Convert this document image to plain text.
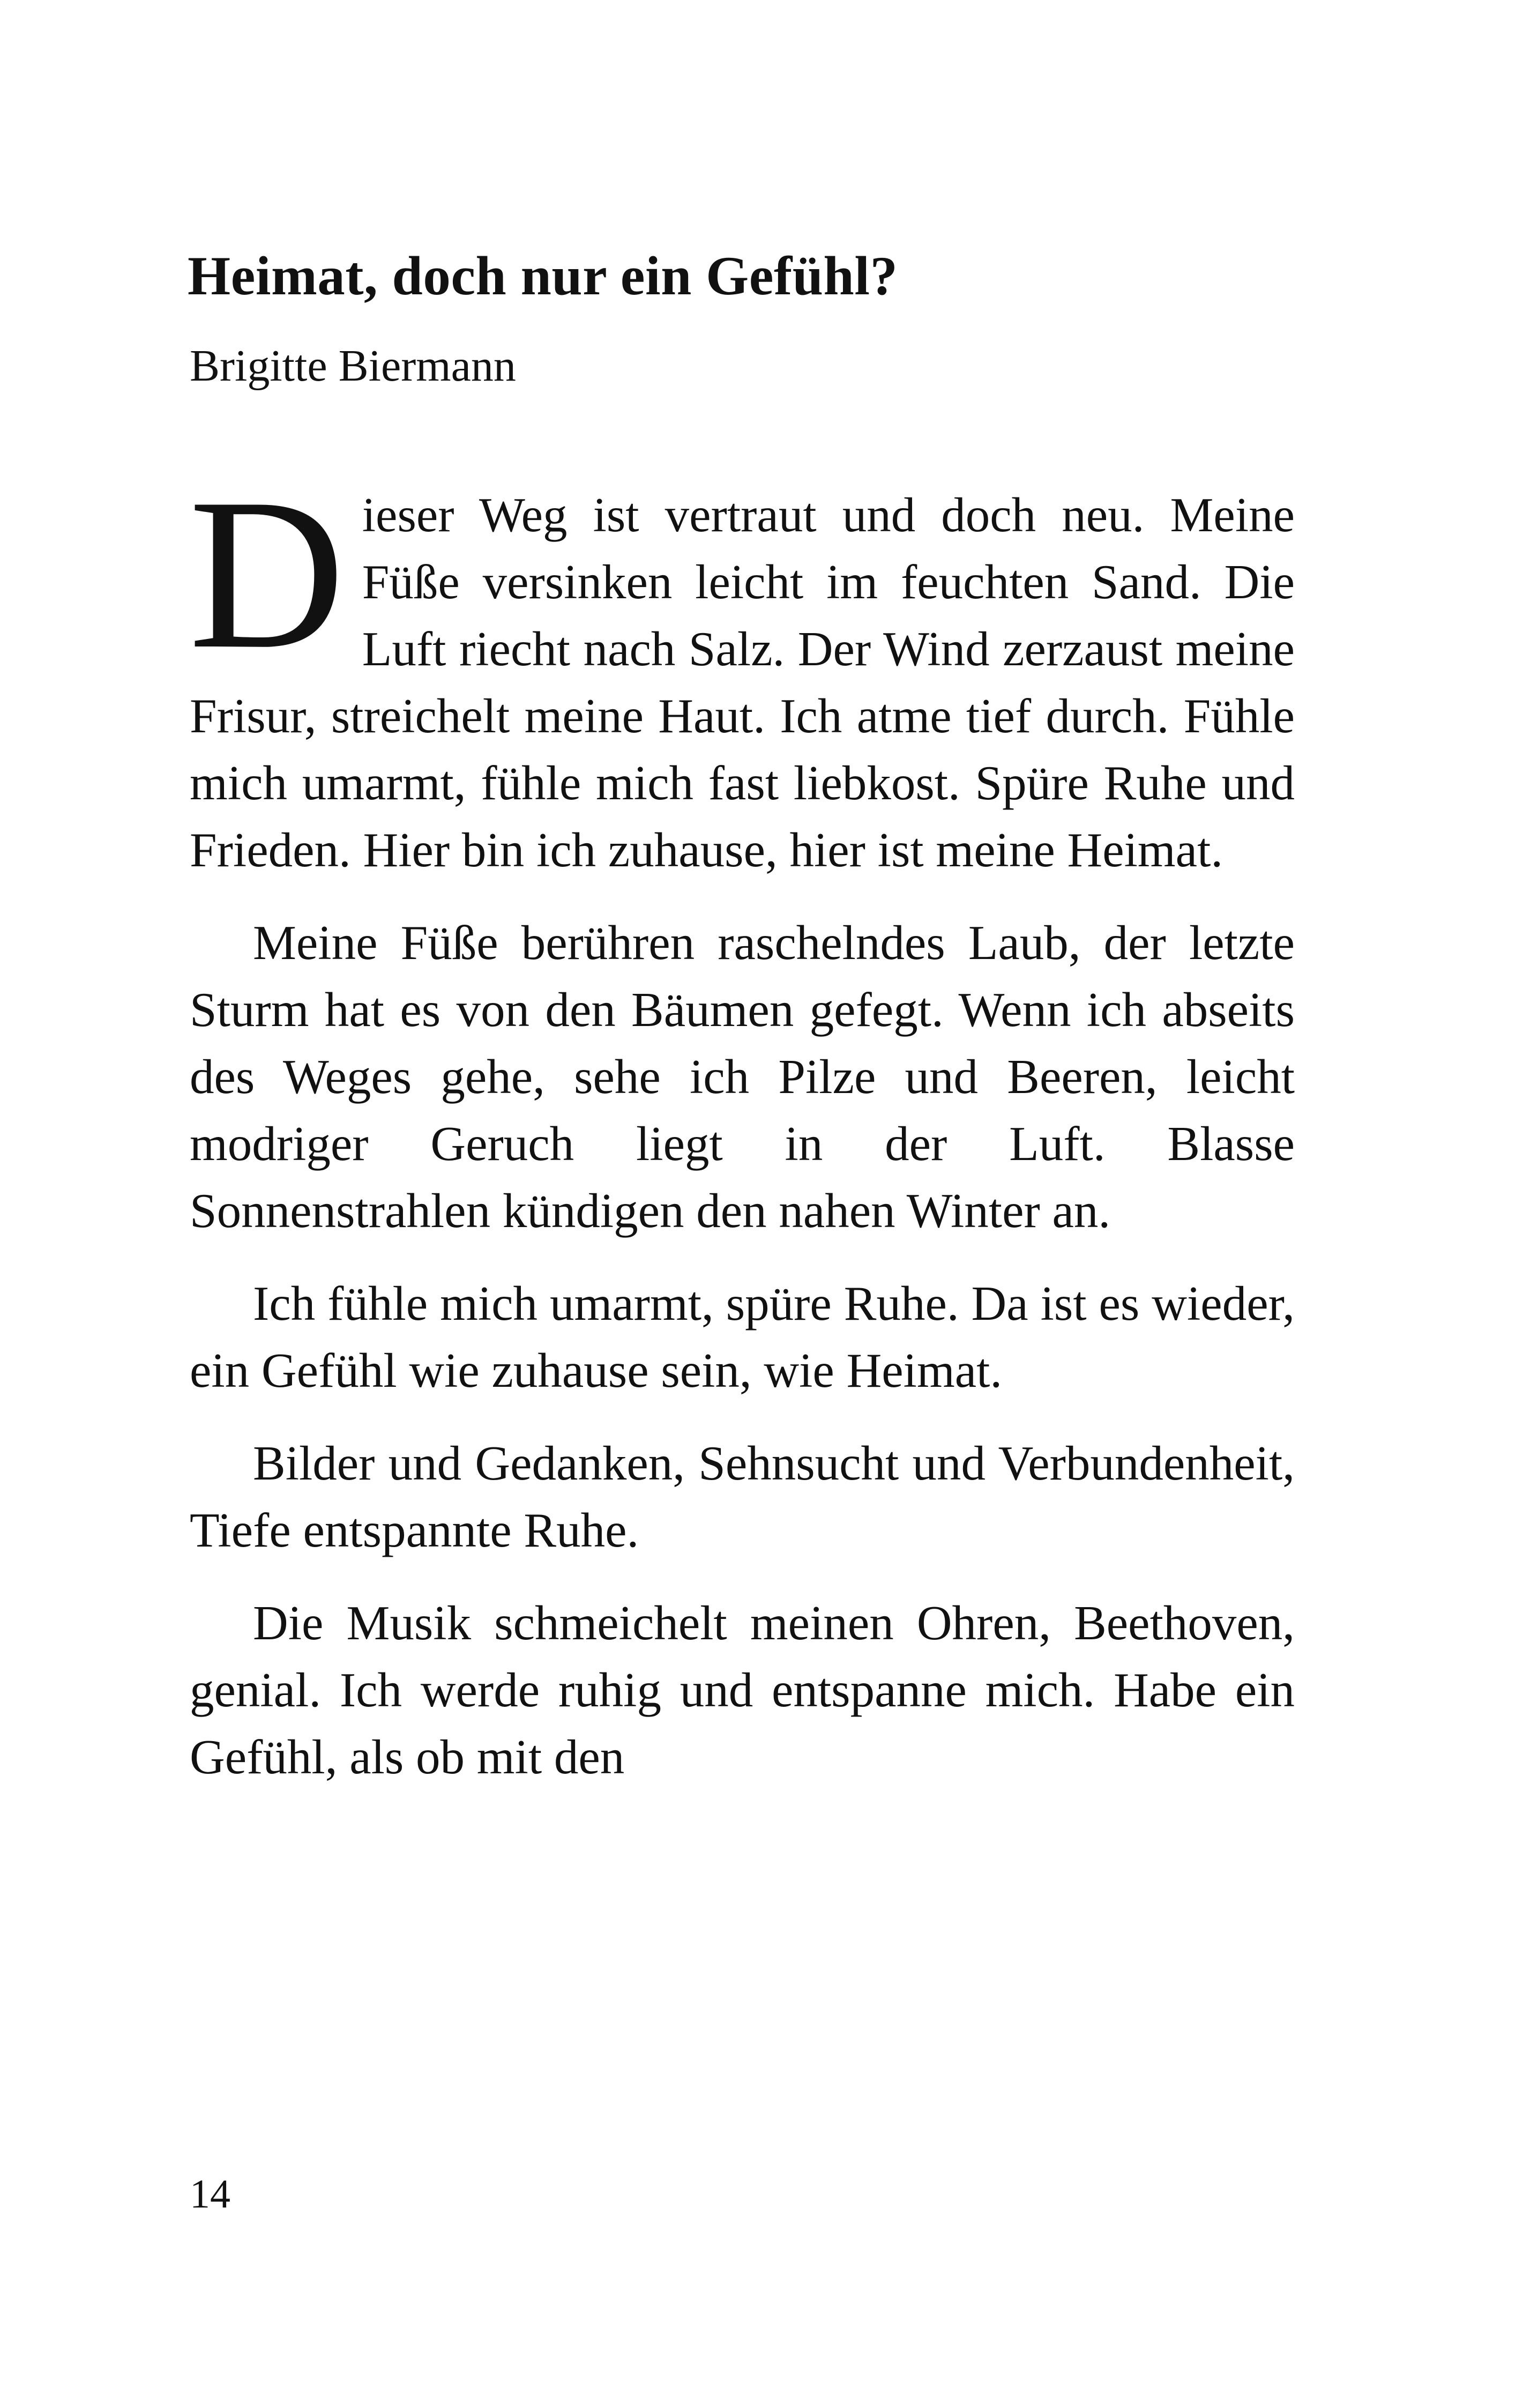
Heimat, doch nur ein Gefühl?

Brigitte Biermann

Dieser Weg ist vertraut und doch neu. Meine Füße versinken leicht im feuchten Sand. Die Luft riecht nach Salz. Der Wind zerzaust meine Frisur, streichelt meine Haut. Ich atme tief durch. Fühle mich umarmt, fühle mich fast liebkost. Spüre Ruhe und Frieden. Hier bin ich zuhause, hier ist meine Heimat.

Meine Füße berühren raschelndes Laub, der letzte Sturm hat es von den Bäumen gefegt. Wenn ich abseits des Weges gehe, sehe ich Pilze und Beeren, leicht modriger Geruch liegt in der Luft. Blasse Sonnenstrahlen kündigen den nahen Winter an.

Ich fühle mich umarmt, spüre Ruhe. Da ist es wieder, ein Gefühl wie zuhause sein, wie Heimat.

Bilder und Gedanken, Sehnsucht und Verbundenheit, Tiefe entspannte Ruhe.

Die Musik schmeichelt meinen Ohren, Beethoven, genial. Ich werde ruhig und entspanne mich. Habe ein Gefühl, als ob mit den

14
